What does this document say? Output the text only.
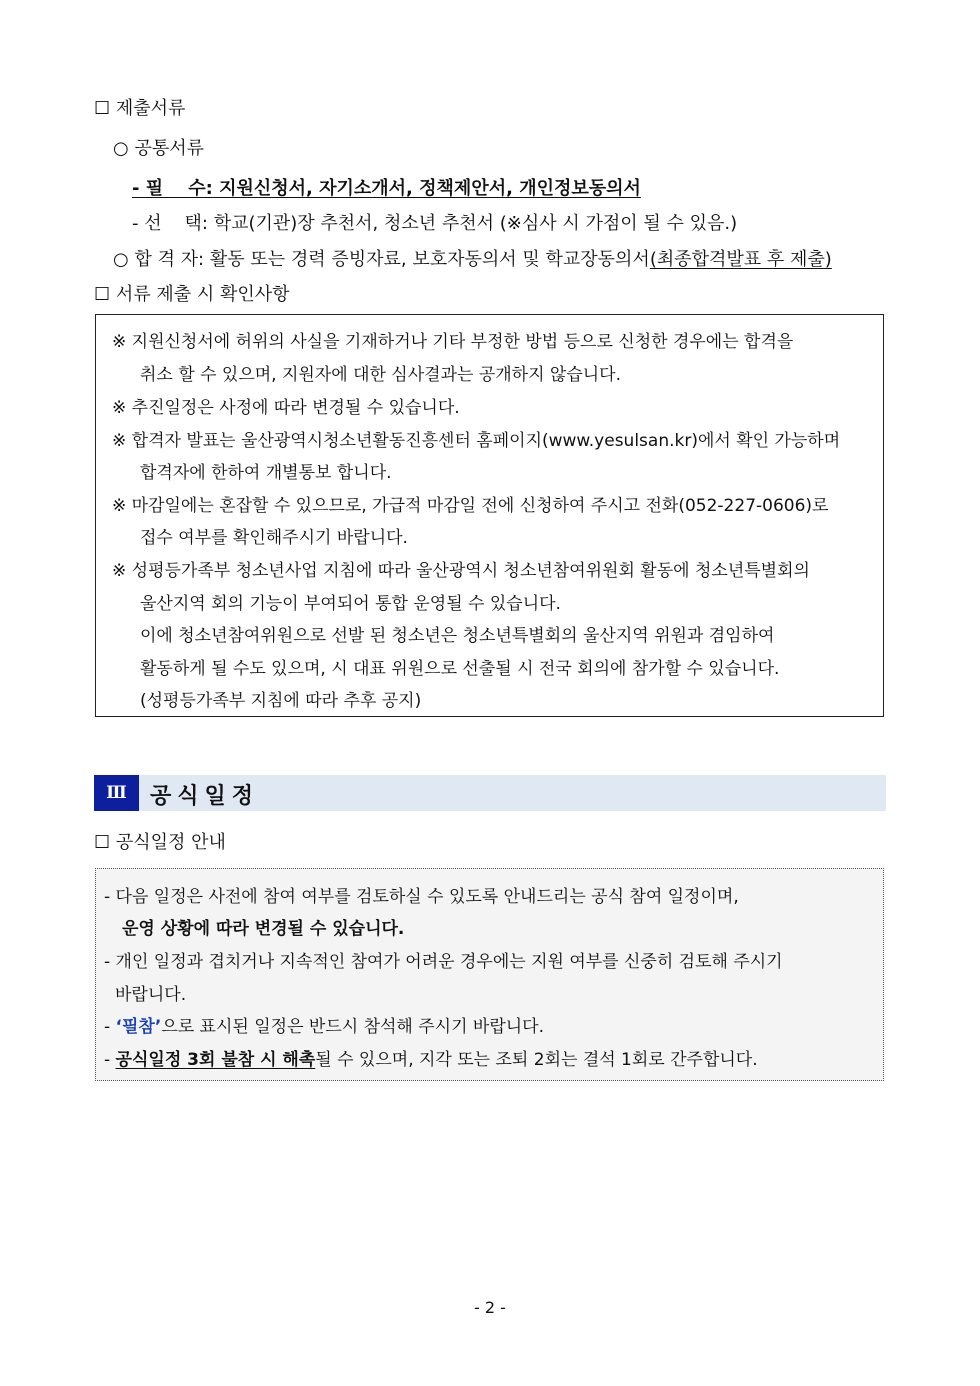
☐ 제출서류
○ 공통서류
- 필    수: 지원신청서, 자기소개서, 정책제안서, 개인정보동의서
- 선    택: 학교(기관)장 추천서, 청소년 추천서 (※심사 시 가점이 될 수 있음.)
○ 합 격 자: 활동 또는 경력 증빙자료, 보호자동의서 및 학교장동의서(최종합격발표 후 제출)
☐ 서류 제출 시 확인사항
※ 지원신청서에 허위의 사실을 기재하거나 기타 부정한 방법 등으로 신청한 경우에는 합격을
취소 할 수 있으며, 지원자에 대한 심사결과는 공개하지 않습니다.
※ 추진일정은 사정에 따라 변경될 수 있습니다.
※ 합격자 발표는 울산광역시청소년활동진흥센터 홈페이지(www.yesulsan.kr)에서 확인 가능하며
합격자에 한하여 개별통보 합니다.
※ 마감일에는 혼잡할 수 있으므로, 가급적 마감일 전에 신청하여 주시고 전화(052-227-0606)로
접수 여부를 확인해주시기 바랍니다.
※ 성평등가족부 청소년사업 지침에 따라 울산광역시 청소년참여위원회 활동에 청소년특별회의
울산지역 회의 기능이 부여되어 통합 운영될 수 있습니다.
이에 청소년참여위원으로 선발 된 청소년은 청소년특별회의 울산지역 위원과 겸임하여
활동하게 될 수도 있으며, 시 대표 위원으로 선출될 시 전국 회의에 참가할 수 있습니다.
(성평등가족부 지침에 따라 추후 공지)
Ⅲ	공식일정
☐ 공식일정 안내
- 다음 일정은 사전에 참여 여부를 검토하실 수 있도록 안내드리는 공식 참여 일정이며,
운영 상황에 따라 변경될 수 있습니다.
- 개인 일정과 겹치거나 지속적인 참여가 어려운 경우에는 지원 여부를 신중히 검토해 주시기
바랍니다.
- ‘필참’으로 표시된 일정은 반드시 참석해 주시기 바랍니다.
- 공식일정 3회 불참 시 해촉될 수 있으며, 지각 또는 조퇴 2회는 결석 1회로 간주합니다.
- 2 -
